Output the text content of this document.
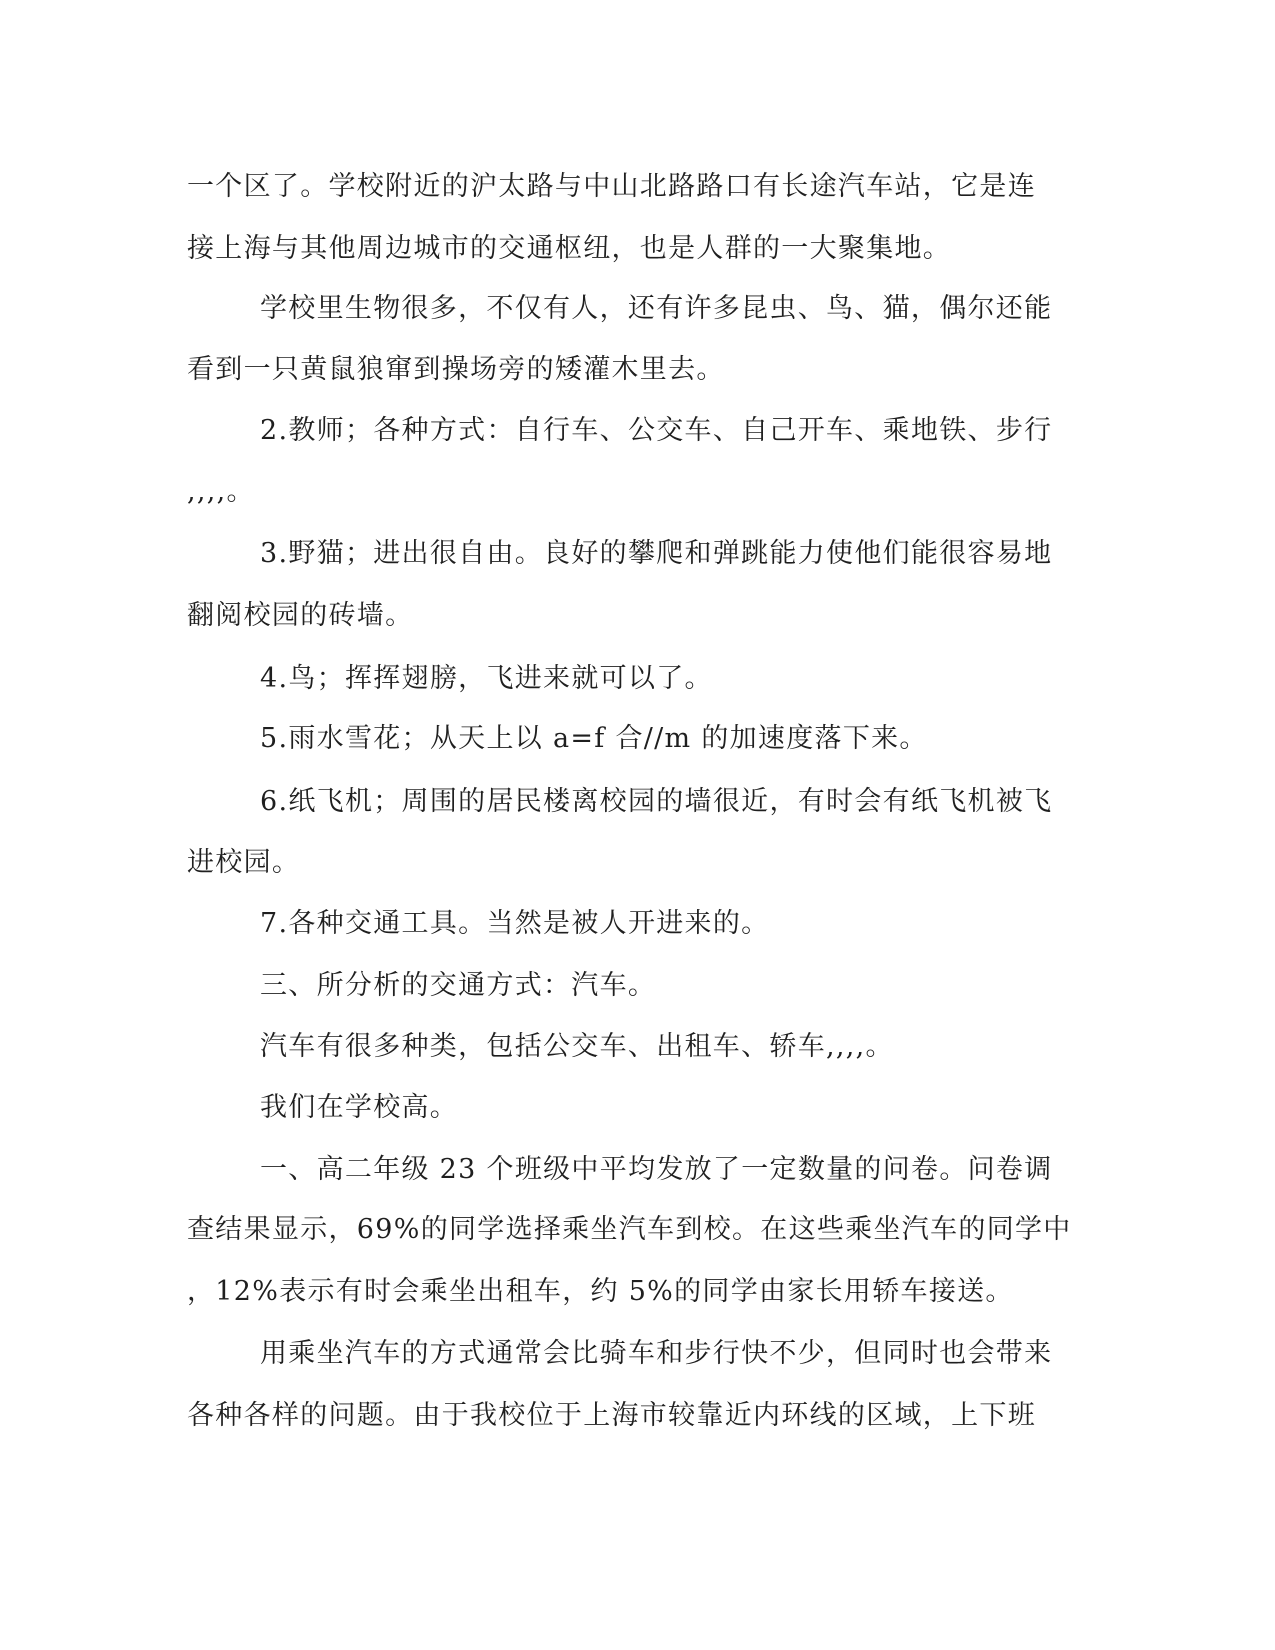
一个区了。学校附近的沪太路与中山北路路口有长途汽车站，它是连
接上海与其他周边城市的交通枢纽，也是人群的一大聚集地。
学校里生物很多，不仅有人，还有许多昆虫、鸟、猫，偶尔还能
看到一只黄鼠狼窜到操场旁的矮灌木里去。
2.教师；各种方式：自行车、公交车、自己开车、乘地铁、步行
,,,,。
3.野猫；进出很自由。良好的攀爬和弹跳能力使他们能很容易地
翻阅校园的砖墙。
4.鸟；挥挥翅膀，飞进来就可以了。
5.雨水雪花；从天上以 a=f 合//m 的加速度落下来。
6.纸飞机；周围的居民楼离校园的墙很近，有时会有纸飞机被飞
进校园。
7.各种交通工具。当然是被人开进来的。
三、所分析的交通方式：汽车。
汽车有很多种类，包括公交车、出租车、轿车,,,,。
我们在学校高。
一、高二年级 23 个班级中平均发放了一定数量的问卷。问卷调
查结果显示，69%的同学选择乘坐汽车到校。在这些乘坐汽车的同学中
，12%表示有时会乘坐出租车，约 5%的同学由家长用轿车接送。
用乘坐汽车的方式通常会比骑车和步行快不少，但同时也会带来
各种各样的问题。由于我校位于上海市较靠近内环线的区域，上下班
